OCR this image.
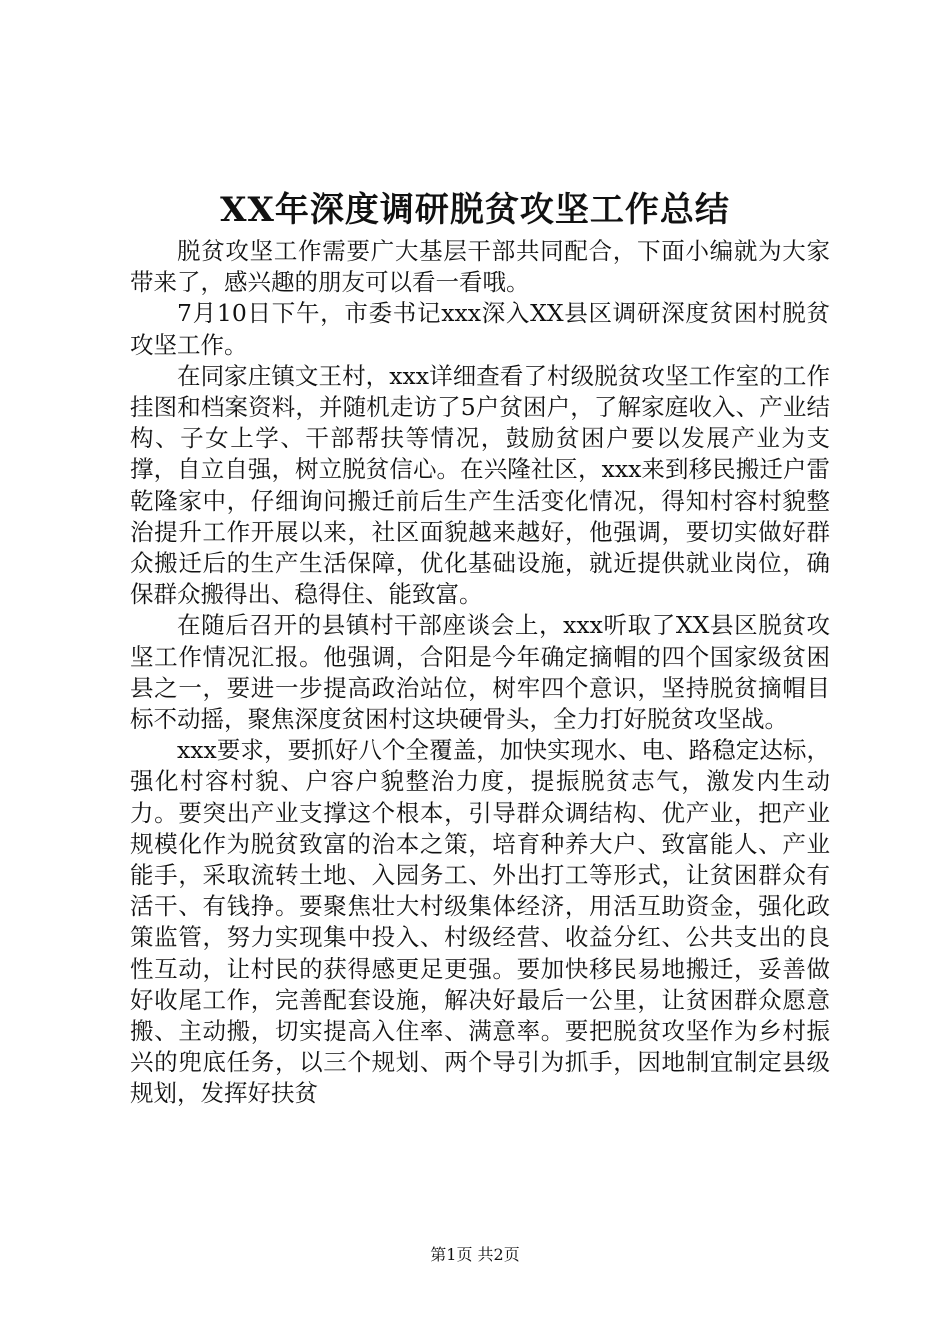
XX年深度调研脱贫攻坚工作总结

脱贫攻坚工作需要广大基层干部共同配合，下面小编就为大家带来了，感兴趣的朋友可以看一看哦。

7月10日下午，市委书记xxx深入XX县区调研深度贫困村脱贫攻坚工作。

在同家庄镇文王村，xxx详细查看了村级脱贫攻坚工作室的工作挂图和档案资料，并随机走访了5户贫困户，了解家庭收入、产业结构、子女上学、干部帮扶等情况，鼓励贫困户要以发展产业为支撑，自立自强，树立脱贫信心。在兴隆社区，xxx来到移民搬迁户雷乾隆家中，仔细询问搬迁前后生产生活变化情况，得知村容村貌整治提升工作开展以来，社区面貌越来越好，他强调，要切实做好群众搬迁后的生产生活保障，优化基础设施，就近提供就业岗位，确保群众搬得出、稳得住、能致富。

在随后召开的县镇村干部座谈会上，xxx听取了XX县区脱贫攻坚工作情况汇报。他强调，合阳是今年确定摘帽的四个国家级贫困县之一，要进一步提高政治站位，树牢四个意识，坚持脱贫摘帽目标不动摇，聚焦深度贫困村这块硬骨头，全力打好脱贫攻坚战。

xxx要求，要抓好八个全覆盖，加快实现水、电、路稳定达标，强化村容村貌、户容户貌整治力度，提振脱贫志气，激发内生动力。要突出产业支撑这个根本，引导群众调结构、优产业，把产业规模化作为脱贫致富的治本之策，培育种养大户、致富能人、产业能手，采取流转土地、入园务工、外出打工等形式，让贫困群众有活干、有钱挣。要聚焦壮大村级集体经济，用活互助资金，强化政策监管，努力实现集中投入、村级经营、收益分红、公共支出的良性互动，让村民的获得感更足更强。要加快移民易地搬迁，妥善做好收尾工作，完善配套设施，解决好最后一公里，让贫困群众愿意搬、主动搬，切实提高入住率、满意率。要把脱贫攻坚作为乡村振兴的兜底任务，以三个规划、两个导引为抓手，因地制宜制定县级规划，发挥好扶贫

第1页 共2页
